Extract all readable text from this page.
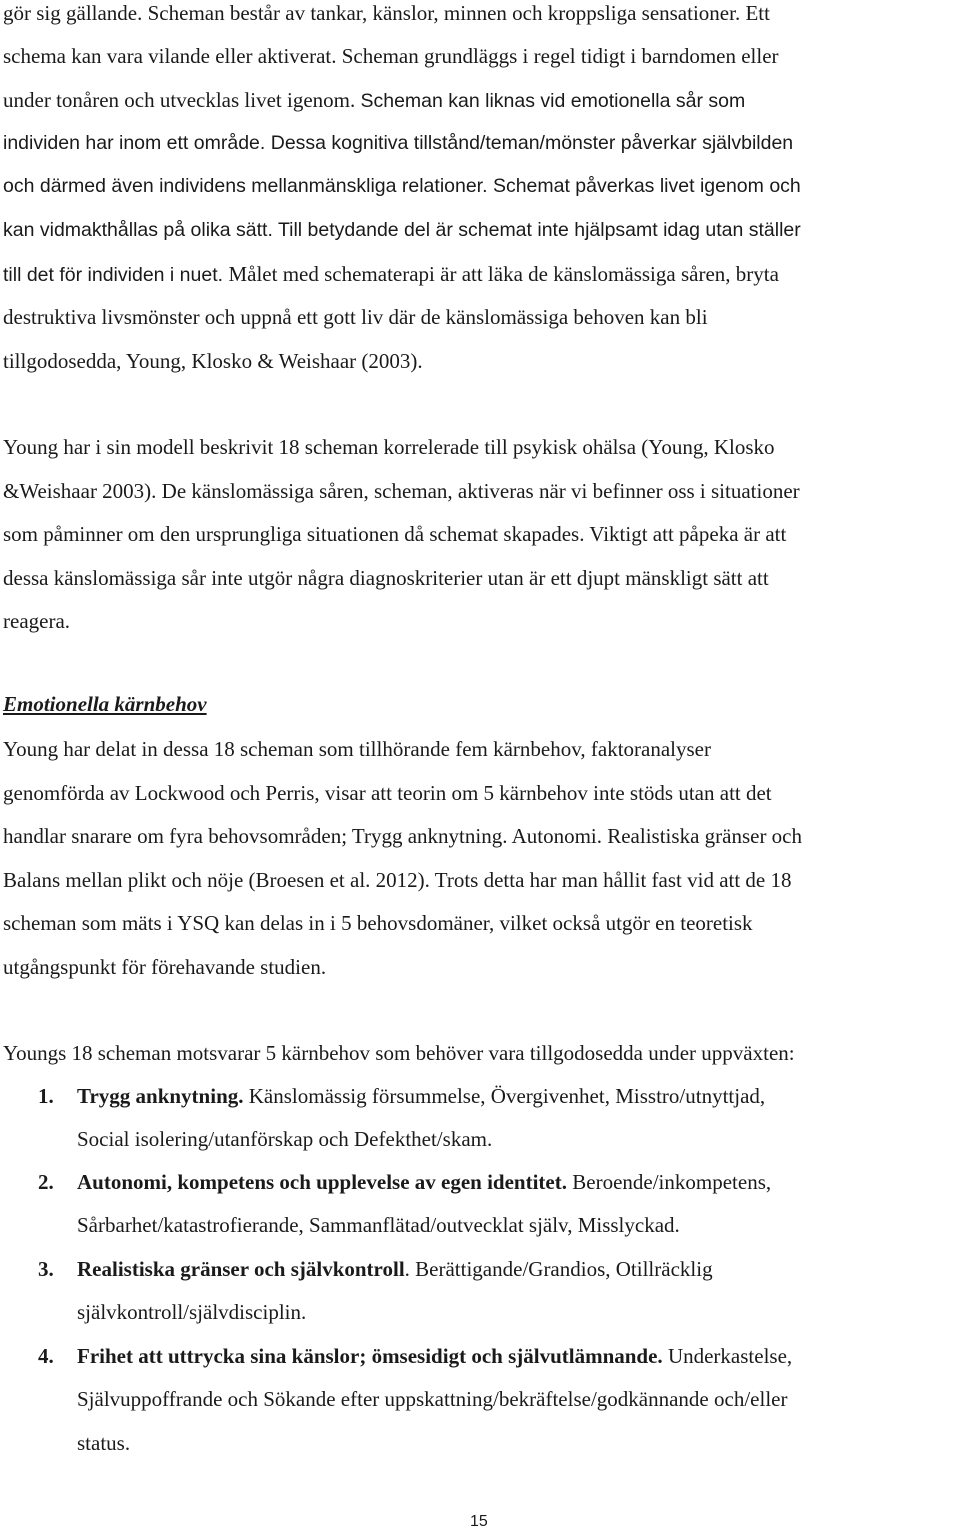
gör sig gällande. Scheman består av tankar, känslor, minnen och kroppsliga sensationer. Ett
schema kan vara vilande eller aktiverat. Scheman grundläggs i regel tidigt i barndomen eller
under tonåren och utvecklas livet igenom. Scheman kan liknas vid emotionella sår som
individen har inom ett område. Dessa kognitiva tillstånd/teman/mönster påverkar självbilden
och därmed även individens mellanmänskliga relationer. Schemat påverkas livet igenom och
kan vidmakthållas på olika sätt. Till betydande del är schemat inte hjälpsamt idag utan ställer
till det för individen i nuet. Målet med schematerapi är att läka de känslomässiga såren, bryta
destruktiva livsmönster och uppnå ett gott liv där de känslomässiga behoven kan bli
tillgodosedda, Young, Klosko & Weishaar (2003).
Young har i sin modell beskrivit 18 scheman korrelerade till psykisk ohälsa (Young, Klosko
&Weishaar 2003). De känslomässiga såren, scheman, aktiveras när vi befinner oss i situationer
som påminner om den ursprungliga situationen då schemat skapades. Viktigt att påpeka är att
dessa känslomässiga sår inte utgör några diagnoskriterier utan är ett djupt mänskligt sätt att
reagera.
Emotionella kärnbehov
Young har delat in dessa 18 scheman som tillhörande fem kärnbehov, faktoranalyser
genomförda av Lockwood och Perris, visar att teorin om 5 kärnbehov inte stöds utan att det
handlar snarare om fyra behovsområden; Trygg anknytning. Autonomi. Realistiska gränser och
Balans mellan plikt och nöje (Broesen et al. 2012). Trots detta har man hållit fast vid att de 18
scheman som mäts i YSQ kan delas in i 5 behovsdomäner, vilket också utgör en teoretisk
utgångspunkt för förehavande studien.
Youngs 18 scheman motsvarar 5 kärnbehov som behöver vara tillgodosedda under uppväxten:
1. Trygg anknytning. Känslomässig försummelse, Övergivenhet, Misstro/utnyttjad,
Social isolering/utanförskap och Defekthet/skam.
2. Autonomi, kompetens och upplevelse av egen identitet. Beroende/inkompetens,
Sårbarhet/katastrofierande, Sammanflätad/outvecklat själv, Misslyckad.
3. Realistiska gränser och självkontroll. Berättigande/Grandios, Otillräcklig
självkontroll/självdisciplin.
4. Frihet att uttrycka sina känslor; ömsesidigt och självutlämnande. Underkastelse,
Självuppoffrande och Sökande efter uppskattning/bekräftelse/godkännande och/eller
status.
15
